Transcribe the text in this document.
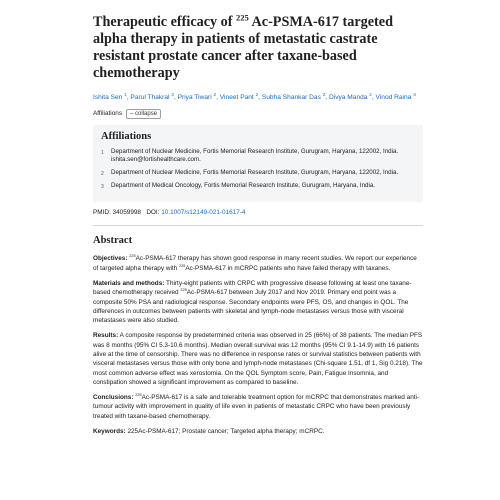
Therapeutic efficacy of $^{225}$ Ac-PSMA-617 targeted alpha therapy in patients of metastatic castrate resistant prostate cancer after taxane-based chemotherapy
Ishita Sen $^1$, Parul Thakral $^2$, Priya Tiwari $^2$, Vineet Pant $^2$, Subha Shankar Das $^2$, Divya Manda $^2$, Vinod Raina $^3$
Affiliations	– collapse
Affiliations
1	Department of Nuclear Medicine, Fortis Memorial Research Institute, Gurugram, Haryana, 122002, India. ishita.sen@fortishealthcare.com.
2	Department of Nuclear Medicine, Fortis Memorial Research Institute, Gurugram, Haryana, 122002, India.
3	Department of Medical Oncology, Fortis Memorial Research Institute, Gurugram, Haryana, India.
PMID: 34059998 DOI: 10.1007/s12149-021-01617-4
Abstract

Objectives: $^{225}$Ac-PSMA-617 therapy has shown good response in many recent studies. We report our experience of targeted alpha therapy with $^{225}$Ac-PSMA-617 in mCRPC patients who have failed therapy with taxanes.

Materials and methods: Thirty-eight patients with CRPC with progressive disease following at least one taxane-based chemotherapy received $^{225}$Ac-PSMA-617 between July 2017 and Nov 2019. Primary end point was a composite 50% PSA and radiological response. Secondary endpoints were PFS, OS, and changes in QOL. The differences in outcomes between patients with skeletal and lymph-node metastases versus those with visceral metastases were also studied.

Results: A composite response by predetermined criteria was observed in 25 (66%) of 38 patients. The median PFS was 8 months (95% CI 5.3-10.6 months). Median overall survival was 12 months (95% CI 9.1-14.9) with 16 patients alive at the time of censorship. There was no difference in response rates or survival statistics between patients with visceral metastases versus those with only bone and lymph-node metastases (Chi-square 1.51, df 1, Sig 0.218). The most common adverse effect was xerostomia. On the QOL Symptom score, Pain, Fatigue Insomnia, and constipation showed a significant improvement as compared to baseline.

Conclusions: $^{225}$Ac-PSMA-617 is a safe and tolerable treatment option for mCRPC that demonstrates marked anti-tumour activity with improvement in quality of life even in patients of metastatic CRPC who have been previously treated with taxane-based chemotherapy.

Keywords: 225Ac-PSMA-617; Prostate cancer; Targeted alpha therapy; mCRPC.
